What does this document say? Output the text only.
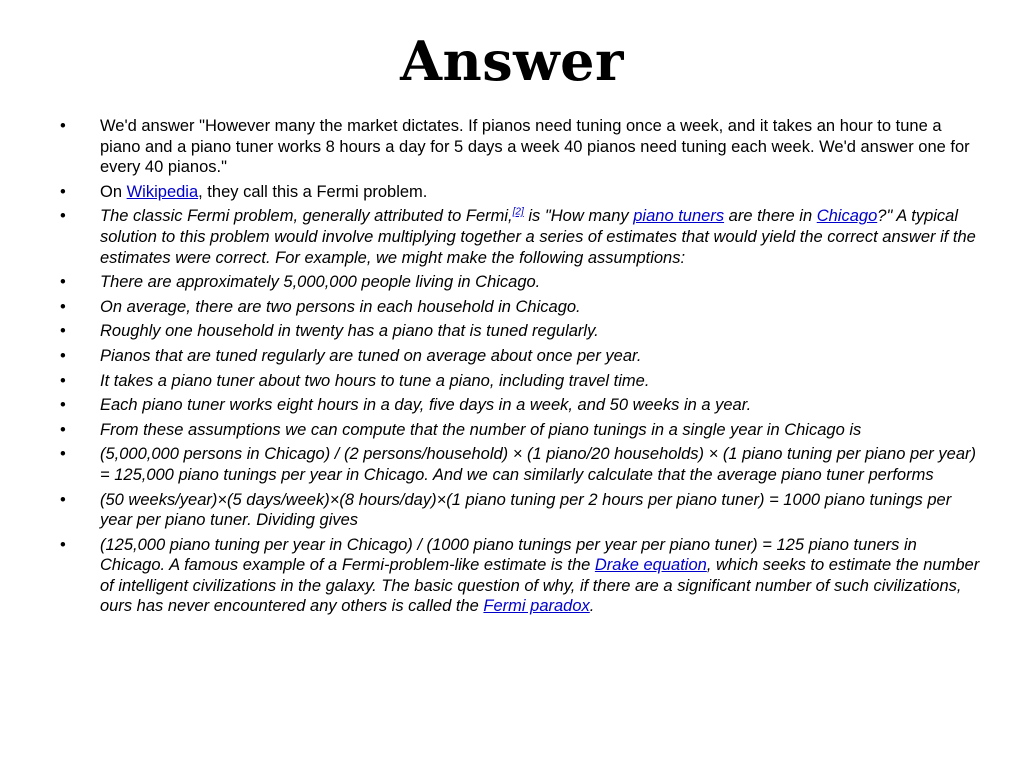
Answer
• We'd answer "However many the market dictates. If pianos need tuning once a week, and it takes an hour to tune a piano and a piano tuner works 8 hours a day for 5 days a week 40 pianos need tuning each week. We'd answer one for every 40 pianos."
• On Wikipedia, they call this a Fermi problem.
• The classic Fermi problem, generally attributed to Fermi,[2] is "How many piano tuners are there in Chicago?" A typical solution to this problem would involve multiplying together a series of estimates that would yield the correct answer if the estimates were correct. For example, we might make the following assumptions:
• There are approximately 5,000,000 people living in Chicago.
• On average, there are two persons in each household in Chicago.
• Roughly one household in twenty has a piano that is tuned regularly.
• Pianos that are tuned regularly are tuned on average about once per year.
• It takes a piano tuner about two hours to tune a piano, including travel time.
• Each piano tuner works eight hours in a day, five days in a week, and 50 weeks in a year.
• From these assumptions we can compute that the number of piano tunings in a single year in Chicago is
• (5,000,000 persons in Chicago) / (2 persons/household) × (1 piano/20 households) × (1 piano tuning per piano per year) = 125,000 piano tunings per year in Chicago. And we can similarly calculate that the average piano tuner performs
• (50 weeks/year)×(5 days/week)×(8 hours/day)×(1 piano tuning per 2 hours per piano tuner) = 1000 piano tunings per year per piano tuner. Dividing gives
• (125,000 piano tuning per year in Chicago) / (1000 piano tunings per year per piano tuner) = 125 piano tuners in Chicago. A famous example of a Fermi-problem-like estimate is the Drake equation, which seeks to estimate the number of intelligent civilizations in the galaxy. The basic question of why, if there are a significant number of such civilizations, ours has never encountered any others is called the Fermi paradox.
